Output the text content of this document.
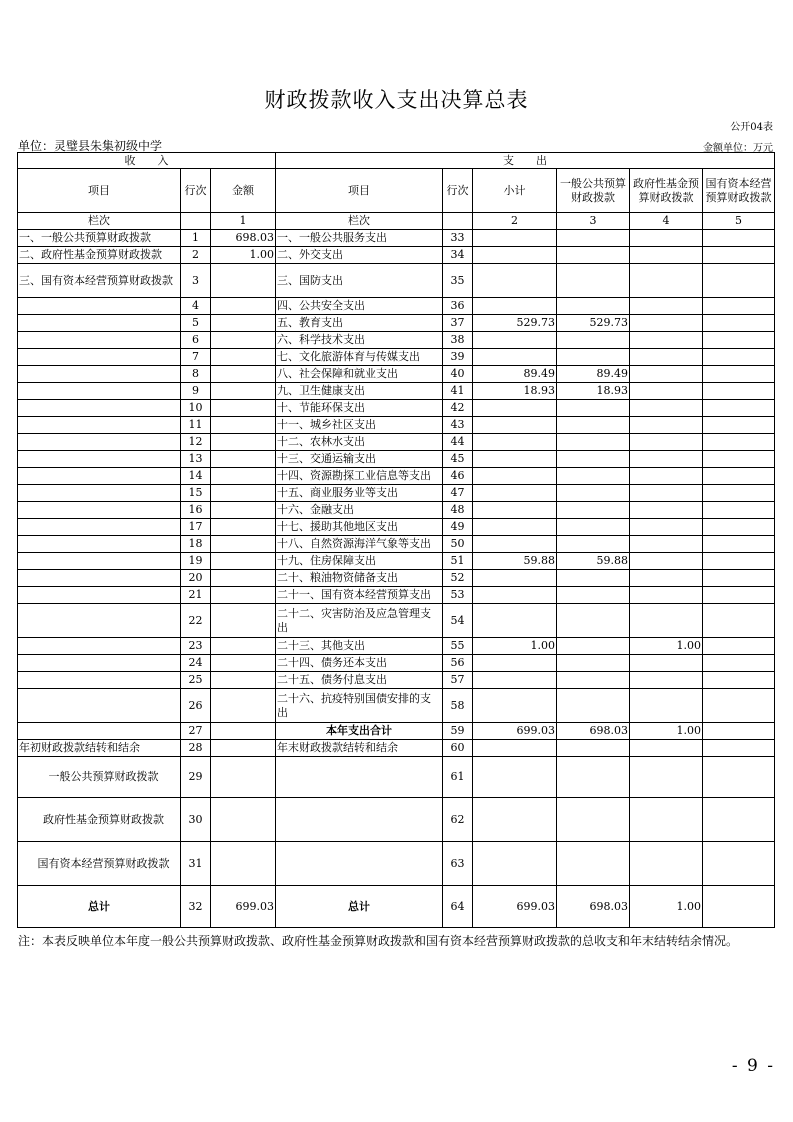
财政拨款收入支出决算总表
公开04表
单位：灵璧县朱集初级中学	金额单位：万元
收　　入			支　　出					
项目	行次	金额	项目	行次	小计	一般公共预算财政拨款	政府性基金预算财政拨款	国有资本经营预算财政拨款
栏次		1	栏次		2	3	4	5
一、一般公共预算财政拨款	1	698.03	一、一般公共服务支出	33				
二、政府性基金预算财政拨款	2	1.00	二、外交支出	34				
三、国有资本经营预算财政拨款	3		三、国防支出	35				
	4		四、公共安全支出	36				
	5		五、教育支出	37	529.73	529.73		
	6		六、科学技术支出	38				
	7		七、文化旅游体育与传媒支出	39				
	8		八、社会保障和就业支出	40	89.49	89.49		
	9		九、卫生健康支出	41	18.93	18.93		
	10		十、节能环保支出	42				
	11		十一、城乡社区支出	43				
	12		十二、农林水支出	44				
	13		十三、交通运输支出	45				
	14		十四、资源勘探工业信息等支出	46				
	15		十五、商业服务业等支出	47				
	16		十六、金融支出	48				
	17		十七、援助其他地区支出	49				
	18		十八、自然资源海洋气象等支出	50				
	19		十九、住房保障支出	51	59.88	59.88		
	20		二十、粮油物资储备支出	52				
	21		二十一、国有资本经营预算支出	53				
	22		二十二、灾害防治及应急管理支出	54				
	23		二十三、其他支出	55	1.00		1.00	
	24		二十四、债务还本支出	56				
	25		二十五、债务付息支出	57				
	26		二十六、抗疫特别国债安排的支出	58				
	27		本年支出合计	59	699.03	698.03	1.00	
年初财政拨款结转和结余	28		年末财政拨款结转和结余	60				
一般公共预算财政拨款	29			61				
政府性基金预算财政拨款	30			62				
国有资本经营预算财政拨款	31			63				
总计	32	699.03	总计	64	699.03	698.03	1.00	
注：本表反映单位本年度一般公共预算财政拨款、政府性基金预算财政拨款和国有资本经营预算财政拨款的总收支和年末结转结余情况。
- 9 -
